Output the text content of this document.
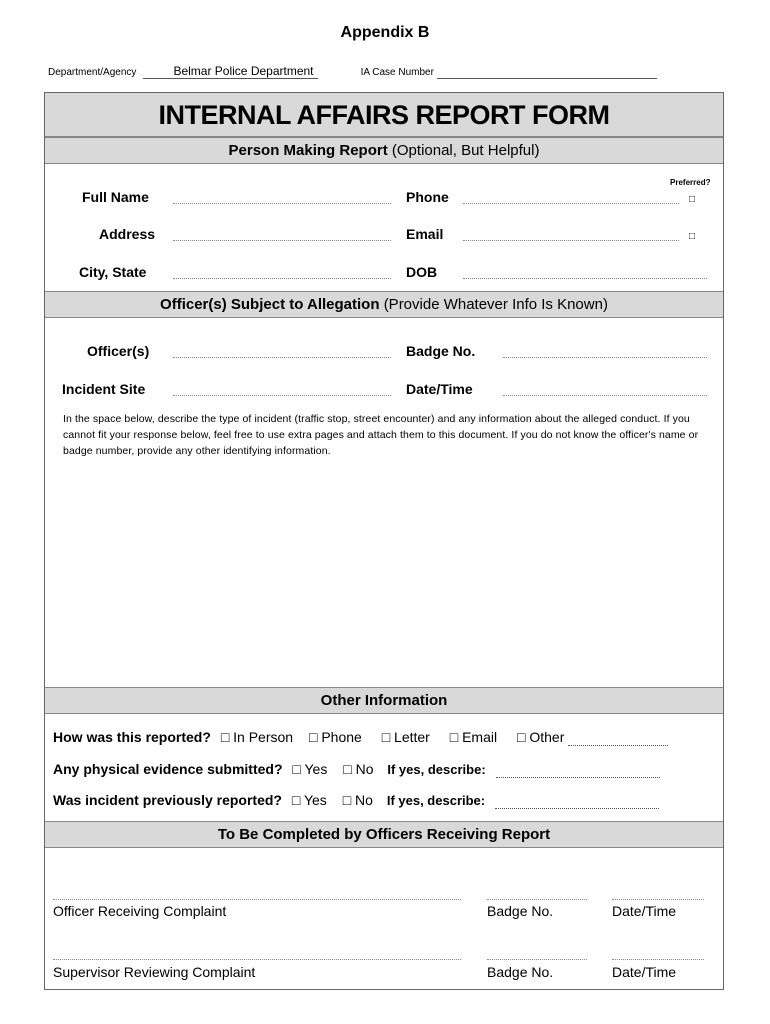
Appendix B
Department/Agency	Belmar Police Department	IA Case Number
INTERNAL AFFAIRS REPORT FORM
Person Making Report (Optional, But Helpful)
Preferred?
Full Name	Phone	□
Address	Email	□
City, State	DOB
Officer(s) Subject to Allegation (Provide Whatever Info Is Known)
Officer(s)	Badge No.
Incident Site	Date/Time
In the space below, describe the type of incident (traffic stop, street encounter) and any information about the alleged conduct. If you cannot fit your response below, feel free to use extra pages and attach them to this document. If you do not know the officer's name or badge number, provide any other identifying information.
Other Information
How was this reported? □ In Person □ Phone □ Letter □ Email □ Other
Any physical evidence submitted? □ Yes □ No If yes, describe:
Was incident previously reported? □ Yes □ No If yes, describe:
To Be Completed by Officers Receiving Report
Officer Receiving Complaint	Badge No.	Date/Time
Supervisor Reviewing Complaint	Badge No.	Date/Time
